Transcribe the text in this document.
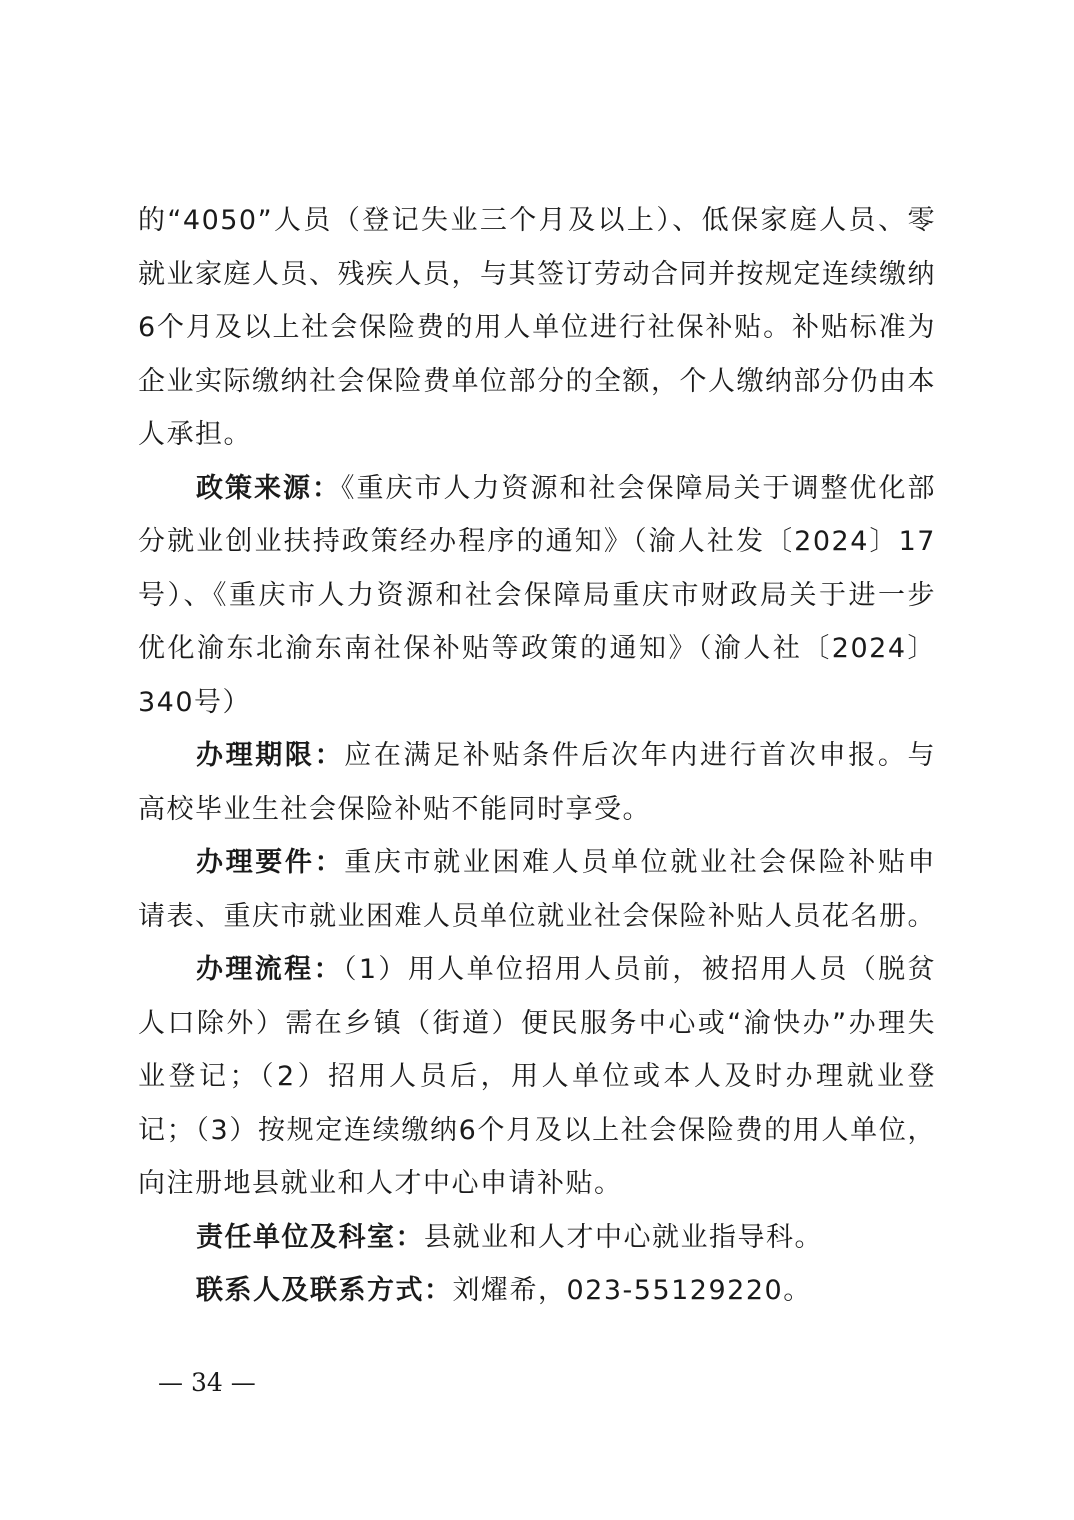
的“4050”人员（登记失业三个月及以上）、低保家庭人员、零就业家庭人员、残疾人员，与其签订劳动合同并按规定连续缴纳6个月及以上社会保险费的用人单位进行社保补贴。补贴标准为企业实际缴纳社会保险费单位部分的全额，个人缴纳部分仍由本人承担。

政策来源：《重庆市人力资源和社会保障局关于调整优化部分就业创业扶持政策经办程序的通知》（渝人社发〔2024〕17号）、《重庆市人力资源和社会保障局重庆市财政局关于进一步优化渝东北渝东南社保补贴等政策的通知》（渝人社〔2024〕340号）

办理期限：应在满足补贴条件后次年内进行首次申报。与高校毕业生社会保险补贴不能同时享受。

办理要件：重庆市就业困难人员单位就业社会保险补贴申请表、重庆市就业困难人员单位就业社会保险补贴人员花名册。

办理流程：（1）用人单位招用人员前，被招用人员（脱贫人口除外）需在乡镇（街道）便民服务中心或“渝快办”办理失业登记；（2）招用人员后，用人单位或本人及时办理就业登记；（3）按规定连续缴纳6个月及以上社会保险费的用人单位，向注册地县就业和人才中心申请补贴。

责任单位及科室：县就业和人才中心就业指导科。

联系人及联系方式：刘燿希，023-55129220。

— 34 —
